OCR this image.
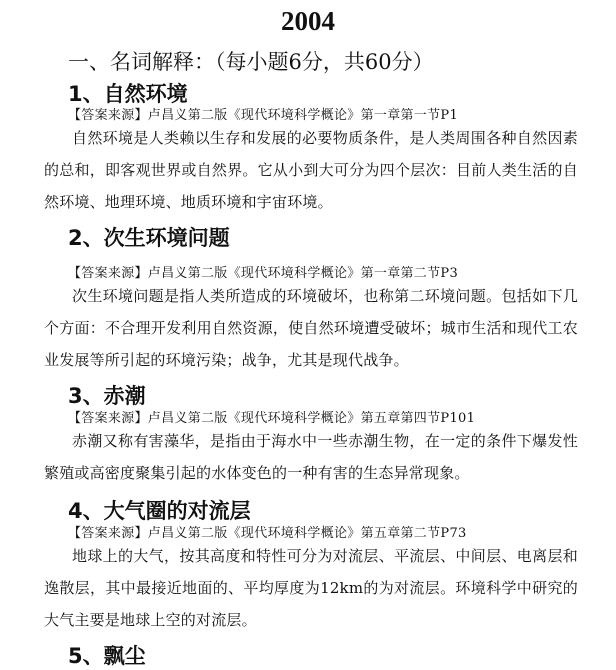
2004
一、名词解释：（每小题6分，共60分）
1、自然环境
【答案来源】卢昌义第二版《现代环境科学概论》第一章第一节P1
自然环境是人类赖以生存和发展的必要物质条件，是人类周围各种自然因素的总和，即客观世界或自然界。它从小到大可分为四个层次：目前人类生活的自然环境、地理环境、地质环境和宇宙环境。
2、次生环境问题
【答案来源】卢昌义第二版《现代环境科学概论》第一章第二节P3
次生环境问题是指人类所造成的环境破坏，也称第二环境问题。包括如下几个方面：不合理开发利用自然资源，使自然环境遭受破坏；城市生活和现代工农业发展等所引起的环境污染；战争，尤其是现代战争。
3、赤潮
【答案来源】卢昌义第二版《现代环境科学概论》第五章第四节P101
赤潮又称有害藻华，是指由于海水中一些赤潮生物，在一定的条件下爆发性繁殖或高密度聚集引起的水体变色的一种有害的生态异常现象。
4、大气圈的对流层
【答案来源】卢昌义第二版《现代环境科学概论》第五章第二节P73
地球上的大气，按其高度和特性可分为对流层、平流层、中间层、电离层和逸散层，其中最接近地面的、平均厚度为12km的为对流层。环境科学中研究的大气主要是地球上空的对流层。
5、飘尘
